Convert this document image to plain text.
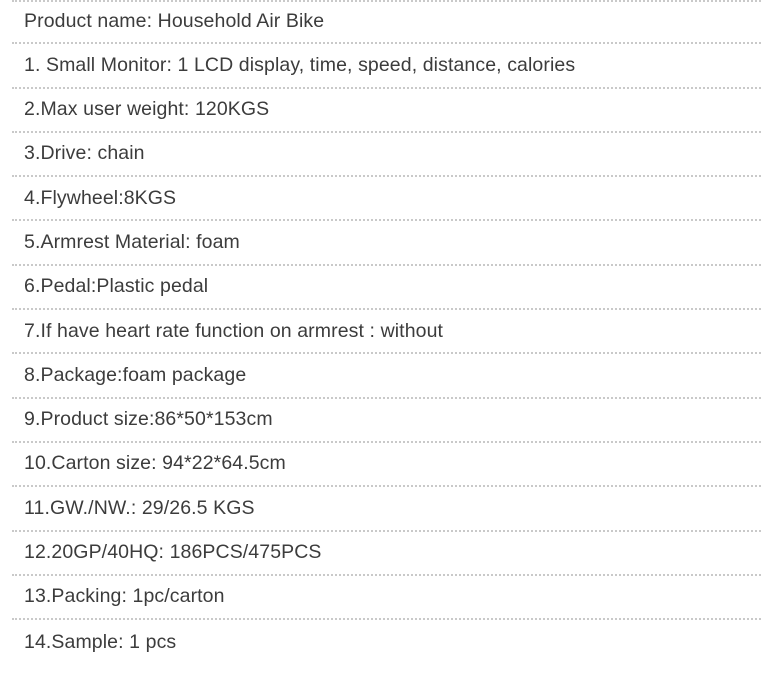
Product name: Household Air Bike
1. Small Monitor: 1 LCD display, time, speed, distance, calories
2.Max user weight: 120KGS
3.Drive: chain
4.Flywheel:8KGS
5.Armrest Material: foam
6.Pedal:Plastic pedal
7.If have heart rate function on armrest : without
8.Package:foam package
9.Product size:86*50*153cm
10.Carton size: 94*22*64.5cm
11.GW./NW.: 29/26.5 KGS
12.20GP/40HQ: 186PCS/475PCS
13.Packing: 1pc/carton
14.Sample: 1 pcs
